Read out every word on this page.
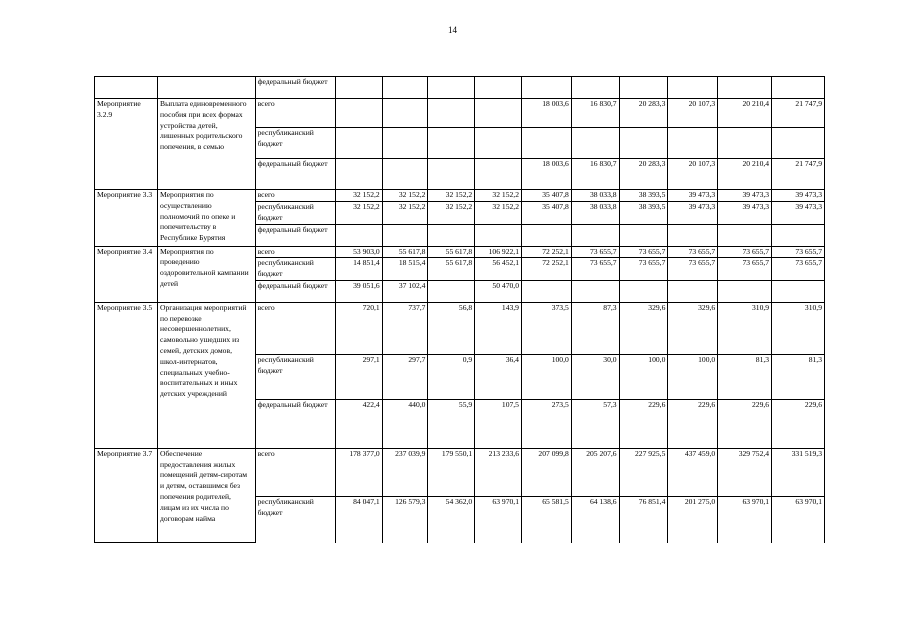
14
		федеральный бюджет										
Мероприятие 3.2.9	Выплата единовременного пособия при всех формах устройства детей, лишенных родительского попечения, в семью	всего					18 003,6	16 830,7	20 283,3	20 107,3	20 210,4	21 747,9
		республиканский бюджет										
		федеральный бюджет					18 003,6	16 830,7	20 283,3	20 107,3	20 210,4	21 747,9
Мероприятие 3.3	Мероприятия по осуществлению полномочий по опеке и попечительству в Республике Бурятия	всего	32 152,2	32 152,2	32 152,2	32 152,2	35 407,8	38 033,8	38 393,5	39 473,3	39 473,3	39 473,3
		республиканский бюджет	32 152,2	32 152,2	32 152,2	32 152,2	35 407,8	38 033,8	38 393,5	39 473,3	39 473,3	39 473,3
		федеральный бюджет										
Мероприятие 3.4	Мероприятия по проведению оздоровительной кампании детей	всего	53 903,0	55 617,8	55 617,8	106 922,1	72 252,1	73 655,7	73 655,7	73 655,7	73 655,7	73 655,7
		республиканский бюджет	14 851,4	18 515,4	55 617,8	56 452,1	72 252,1	73 655,7	73 655,7	73 655,7	73 655,7	73 655,7
		федеральный бюджет	39 051,6	37 102,4		50 470,0						
Мероприятие 3.5	Организация мероприятий по перевозке несовершеннолетних, самовольно ушедших из семей, детских домов, школ-интернатов, специальных учебно-воспитательных и иных детских учреждений	всего	720,1	737,7	56,8	143,9	373,5	87,3	329,6	329,6	310,9	310,9
		республиканский бюджет	297,1	297,7	0,9	36,4	100,0	30,0	100,0	100,0	81,3	81,3
		федеральный бюджет	422,4	440,0	55,9	107,5	273,5	57,3	229,6	229,6	229,6	229,6
Мероприятие 3.7	Обеспечение предоставления жилых помещений детям-сиротам и детям, оставшимся без попечения родителей, лицам из их числа по договорам найма	всего	178 377,0	237 039,9	179 550,1	213 233,6	207 099,8	205 207,6	227 925,5	437 459,0	329 752,4	331 519,3
		республиканский бюджет	84 047,1	126 579,3	54 362,0	63 970,1	65 581,5	64 138,6	76 851,4	201 275,0	63 970,1	63 970,1
